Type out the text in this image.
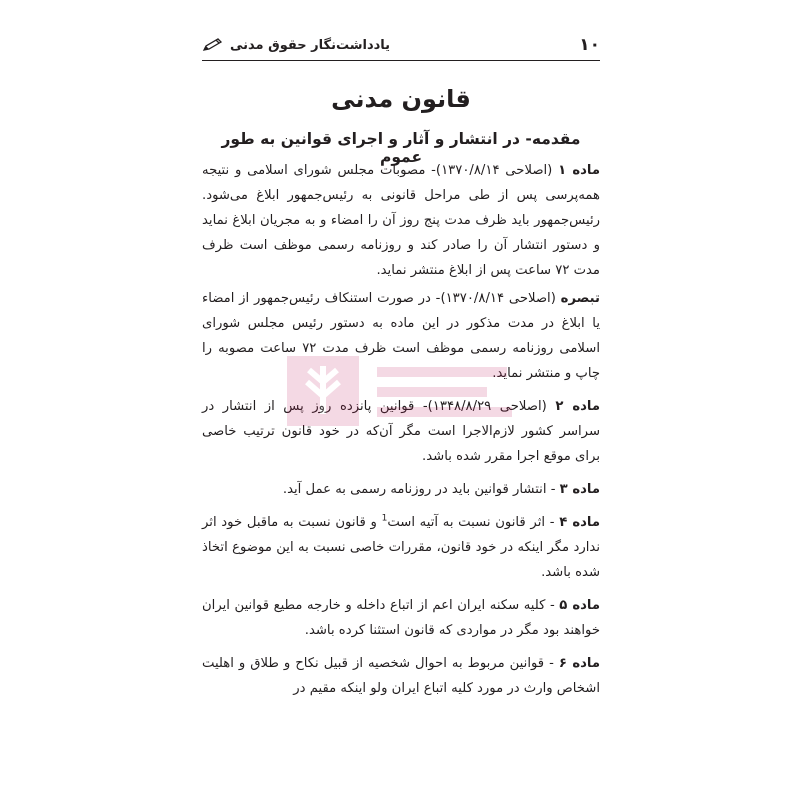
یادداشت‌نگار حقوق مدنی	۱۰
قانون مدنی
مقدمه- در انتشار و آثار و اجرای قوانین به طور عموم

ماده ۱ (اصلاحی ۱۳۷۰/۸/۱۴)- مصوبات مجلس شورای اسلامی و نتیجه همه‌پرسی پس از طی مراحل قانونی به رئیس‌جمهور ابلاغ می‌شود. رئیس‌جمهور باید ظرف مدت پنج روز آن را امضاء و به مجریان ابلاغ نماید و دستور انتشار آن را صادر کند و روزنامه رسمی موظف است ظرف مدت ۷۲ ساعت پس از ابلاغ منتشر نماید.

تبصره (اصلاحی ۱۳۷۰/۸/۱۴)- در صورت استنکاف رئیس‌جمهور از امضاء یا ابلاغ در مدت مذکور در این ماده به دستور رئیس مجلس شورای اسلامی روزنامه رسمی موظف است ظرف مدت ۷۲ ساعت مصوبه را چاپ و منتشر نماید.

ماده ۲ (اصلاحی ۱۳۴۸/۸/۲۹)- قوانین پانزده روز پس از انتشار در سراسر کشور لازم‌الاجرا است مگر آن‌که در خود قانون ترتیب خاصی برای موقع اجرا مقرر شده باشد.

ماده ۳ - انتشار قوانین باید در روزنامه رسمی به عمل آید.

ماده ۴ - اثر قانون نسبت به آتیه است$^1$ و قانون نسبت به ماقبل خود اثر ندارد مگر اینکه در خود قانون، مقررات خاصی نسبت به این موضوع اتخاذ شده باشد.

ماده ۵ - کلیه سکنه ایران اعم از اتباع داخله و خارجه مطیع قوانین ایران خواهند بود مگر در مواردی که قانون استثنا کرده باشد.

ماده ۶ - قوانین مربوط به احوال شخصیه از قبیل نکاح و طلاق و اهلیت اشخاص وارث در مورد کلیه اتباع ایران ولو اینکه مقیم در
